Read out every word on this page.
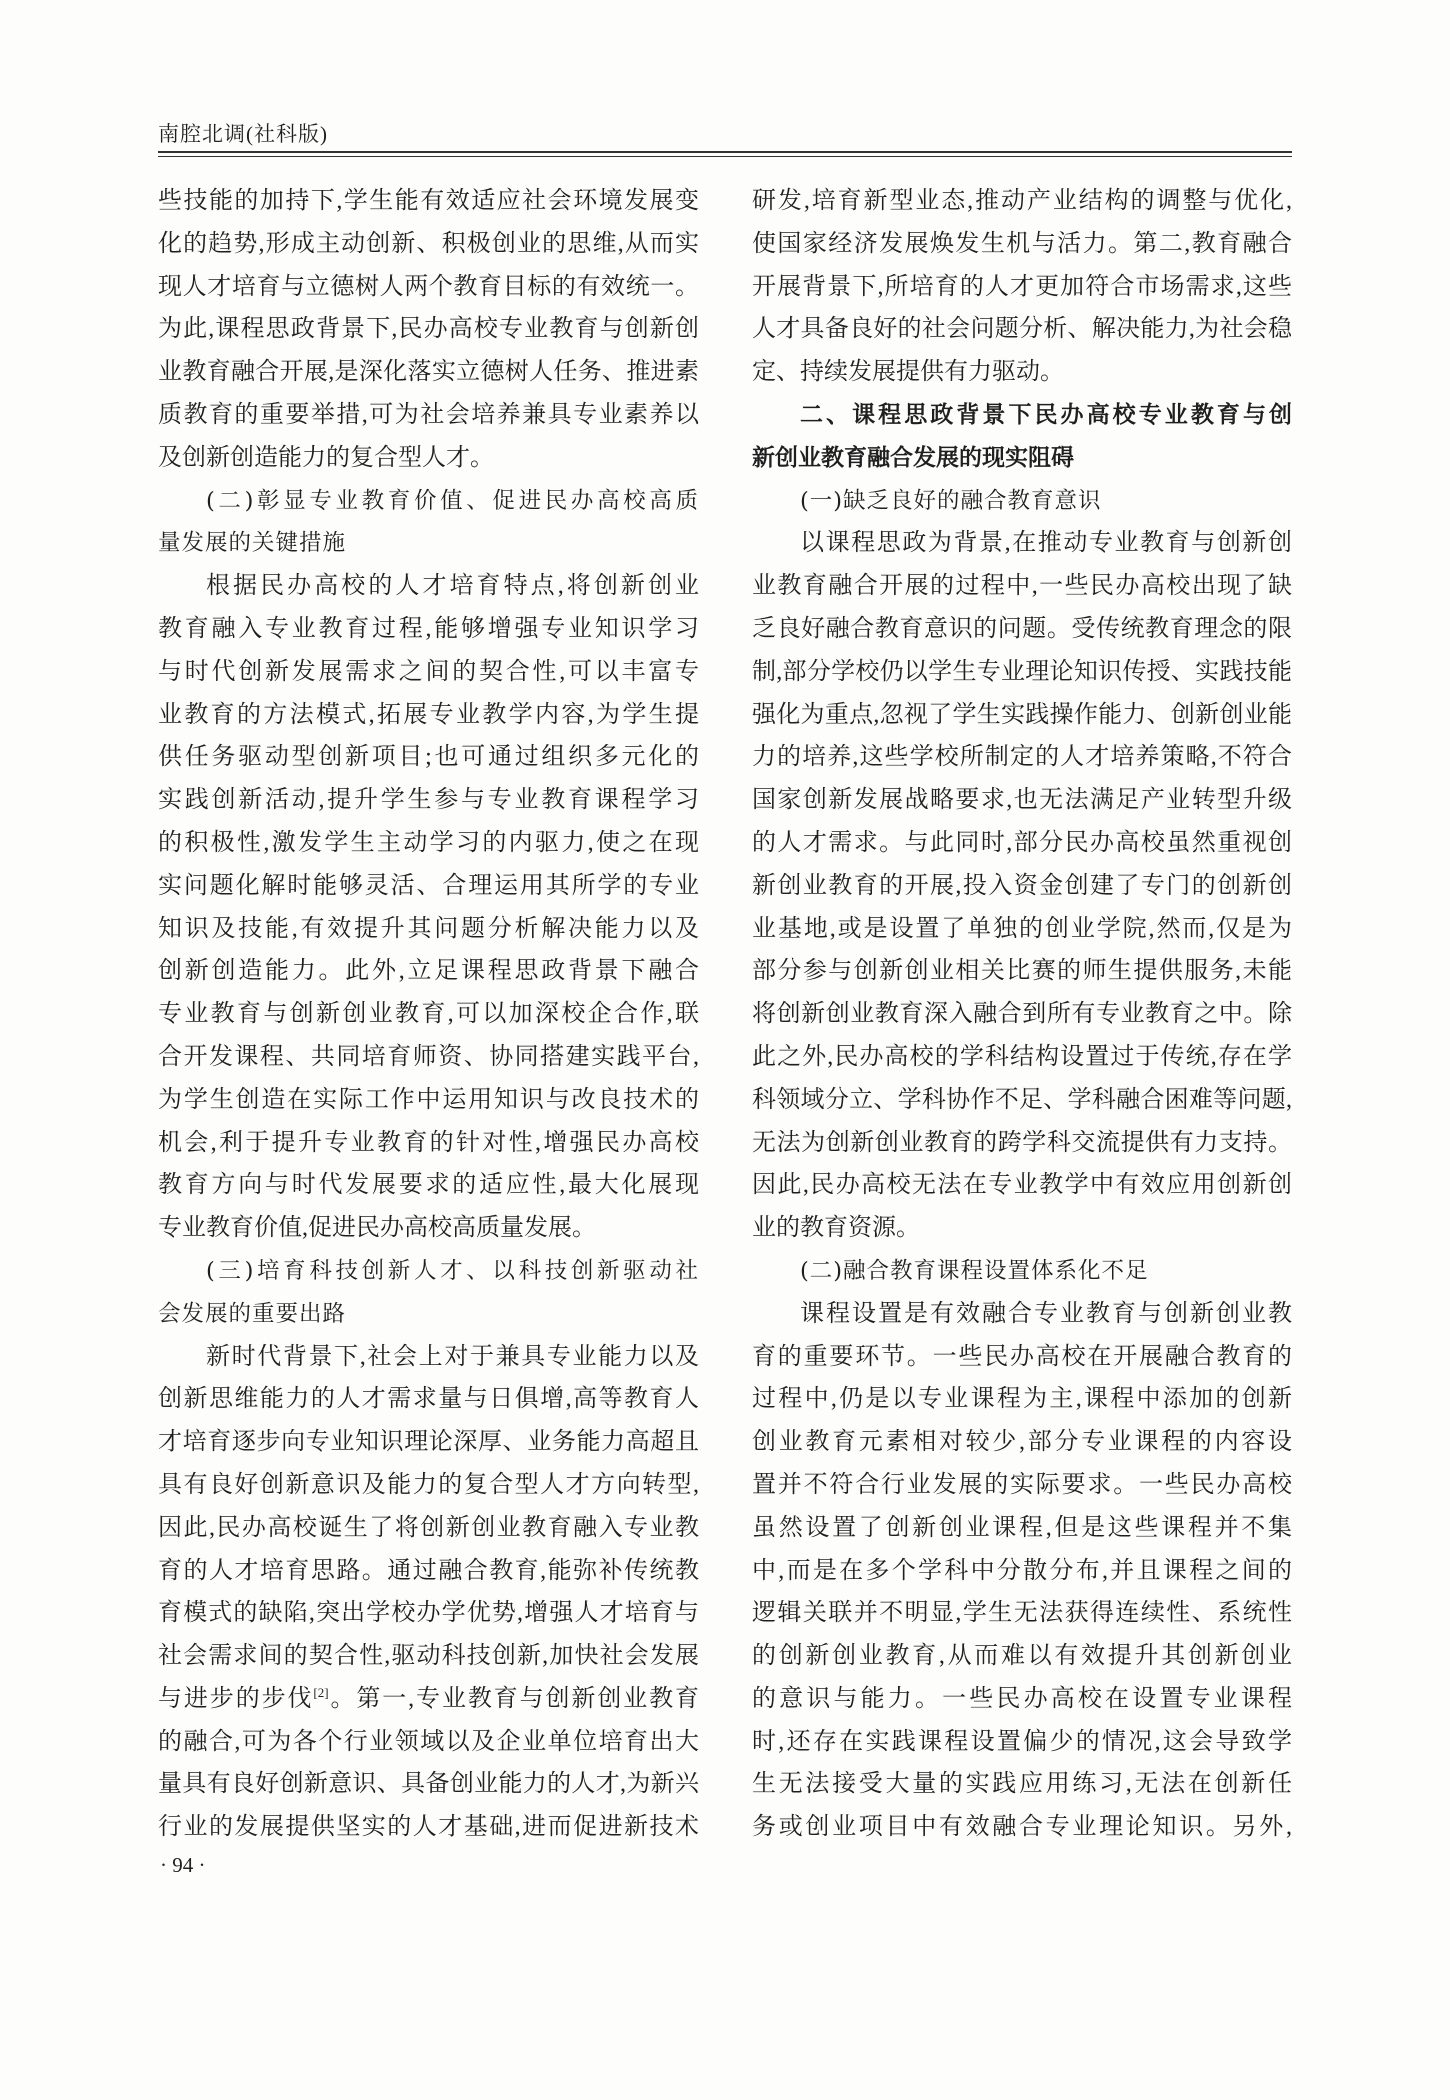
南腔北调(社科版)
些技能的加持下,学生能有效适应社会环境发展变
化的趋势,形成主动创新、积极创业的思维,从而实
现人才培育与立德树人两个教育目标的有效统一。
为此,课程思政背景下,民办高校专业教育与创新创
业教育融合开展,是深化落实立德树人任务、推进素
质教育的重要举措,可为社会培养兼具专业素养以
及创新创造能力的复合型人才。
(二)彰显专业教育价值、促进民办高校高质
量发展的关键措施
根据民办高校的人才培育特点,将创新创业
教育融入专业教育过程,能够增强专业知识学习
与时代创新发展需求之间的契合性,可以丰富专
业教育的方法模式,拓展专业教学内容,为学生提
供任务驱动型创新项目;也可通过组织多元化的
实践创新活动,提升学生参与专业教育课程学习
的积极性,激发学生主动学习的内驱力,使之在现
实问题化解时能够灵活、合理运用其所学的专业
知识及技能,有效提升其问题分析解决能力以及
创新创造能力。此外,立足课程思政背景下融合
专业教育与创新创业教育,可以加深校企合作,联
合开发课程、共同培育师资、协同搭建实践平台,
为学生创造在实际工作中运用知识与改良技术的
机会,利于提升专业教育的针对性,增强民办高校
教育方向与时代发展要求的适应性,最大化展现
专业教育价值,促进民办高校高质量发展。
(三)培育科技创新人才、以科技创新驱动社
会发展的重要出路
新时代背景下,社会上对于兼具专业能力以及
创新思维能力的人才需求量与日俱增,高等教育人
才培育逐步向专业知识理论深厚、业务能力高超且
具有良好创新意识及能力的复合型人才方向转型,
因此,民办高校诞生了将创新创业教育融入专业教
育的人才培育思路。通过融合教育,能弥补传统教
育模式的缺陷,突出学校办学优势,增强人才培育与
社会需求间的契合性,驱动科技创新,加快社会发展
与进步的步伐[2]。第一,专业教育与创新创业教育
的融合,可为各个行业领域以及企业单位培育出大
量具有良好创新意识、具备创业能力的人才,为新兴
行业的发展提供坚实的人才基础,进而促进新技术
研发,培育新型业态,推动产业结构的调整与优化,
使国家经济发展焕发生机与活力。第二,教育融合
开展背景下,所培育的人才更加符合市场需求,这些
人才具备良好的社会问题分析、解决能力,为社会稳
定、持续发展提供有力驱动。
二、课程思政背景下民办高校专业教育与创
新创业教育融合发展的现实阻碍
(一)缺乏良好的融合教育意识
以课程思政为背景,在推动专业教育与创新创
业教育融合开展的过程中,一些民办高校出现了缺
乏良好融合教育意识的问题。受传统教育理念的限
制,部分学校仍以学生专业理论知识传授、实践技能
强化为重点,忽视了学生实践操作能力、创新创业能
力的培养,这些学校所制定的人才培养策略,不符合
国家创新发展战略要求,也无法满足产业转型升级
的人才需求。与此同时,部分民办高校虽然重视创
新创业教育的开展,投入资金创建了专门的创新创
业基地,或是设置了单独的创业学院,然而,仅是为
部分参与创新创业相关比赛的师生提供服务,未能
将创新创业教育深入融合到所有专业教育之中。除
此之外,民办高校的学科结构设置过于传统,存在学
科领域分立、学科协作不足、学科融合困难等问题,
无法为创新创业教育的跨学科交流提供有力支持。
因此,民办高校无法在专业教学中有效应用创新创
业的教育资源。
(二)融合教育课程设置体系化不足
课程设置是有效融合专业教育与创新创业教
育的重要环节。一些民办高校在开展融合教育的
过程中,仍是以专业课程为主,课程中添加的创新
创业教育元素相对较少,部分专业课程的内容设
置并不符合行业发展的实际要求。一些民办高校
虽然设置了创新创业课程,但是这些课程并不集
中,而是在多个学科中分散分布,并且课程之间的
逻辑关联并不明显,学生无法获得连续性、系统性
的创新创业教育,从而难以有效提升其创新创业
的意识与能力。一些民办高校在设置专业课程
时,还存在实践课程设置偏少的情况,这会导致学
生无法接受大量的实践应用练习,无法在创新任
务或创业项目中有效融合专业理论知识。另外,
· 94 ·
